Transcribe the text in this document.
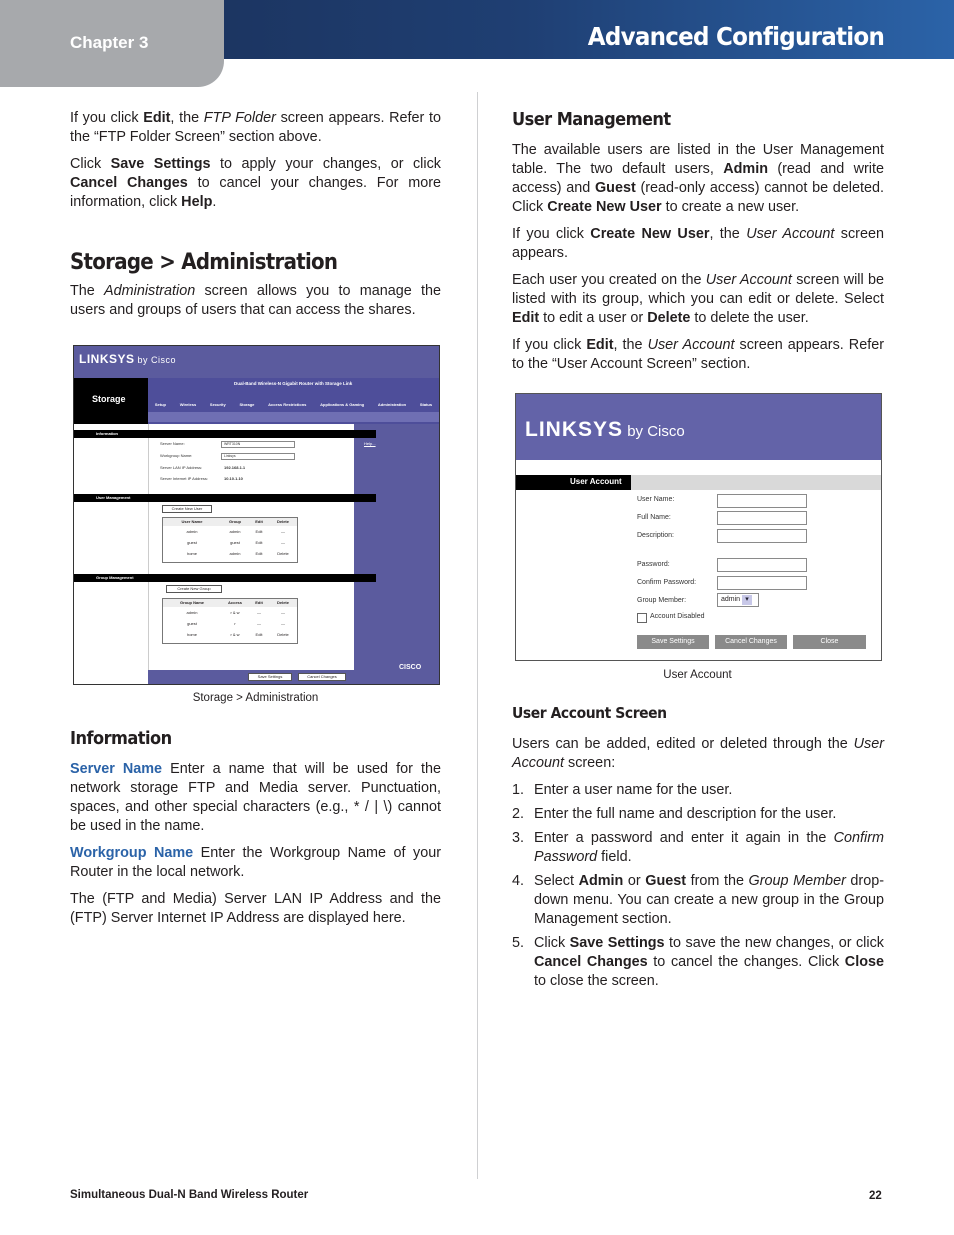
Chapter 3	Advanced Configuration

If you click Edit, the FTP Folder screen appears. Refer to the “FTP Folder Screen” section above.

Click Save Settings to apply your changes, or click Cancel Changes to cancel your changes. For more information, click Help.

Storage > Administration

The Administration screen allows you to manage the users and groups of users that can access the shares.

LINKSYS by Cisco
Storage
Dual-Band Wireless-N Gigabit Router with Storage Link
Setup	Wireless	Security	Storage	Access Restrictions	Applications & Gaming	Administration	Status
Help...
Information
Server Name:	WRT310N
Workgroup Name:	Linksys
Server LAN IP Address:	192.168.1.1
Server Internet IP Address:	10.10.1.10
User Management
Create New User
User Name	Group	Edit	Delete
admin	admin	Edit	—
guest	guest	Edit	—
home	admin	Edit	Delete
Group Management
Create New Group
Group Name	Access	Edit	Delete
admin	r & w	—	—
guest	r	—	—
home	r & w	Edit	Delete
Save Settings	Cancel Changes
CISCO
Storage > Administration
Information

Server Name Enter a name that will be used for the network storage FTP and Media server. Punctuation, spaces, and other special characters (e.g., * / | \) cannot be used in the name.

Workgroup Name Enter the Workgroup Name of your Router in the local network.

The (FTP and Media) Server LAN IP Address and the (FTP) Server Internet IP Address are displayed here.

User Management

The available users are listed in the User Management table. The two default users, Admin (read and write access) and Guest (read-only access) cannot be deleted. Click Create New User to create a new user.

If you click Create New User, the User Account screen appears.

Each user you created on the User Account screen will be listed with its group, which you can edit or delete. Select Edit to edit a user or Delete to delete the user.

If you click Edit, the User Account screen appears. Refer to the “User Account Screen” section.

LINKSYS by Cisco
User Account
User Name:
Full Name:
Description:
Password:
Confirm Password:
Group Member:	admin ▾
Account Disabled
Save Settings	Cancel Changes	Close
User Account
User Account Screen

Users can be added, edited or deleted through the User Account screen:

1. Enter a user name for the user.
2. Enter the full name and description for the user.
3. Enter a password and enter it again in the Confirm Password field.
4. Select Admin or Guest from the Group Member drop-down menu. You can create a new group in the Group Management section.
5. Click Save Settings to save the new changes, or click Cancel Changes to cancel the changes. Click Close to close the screen.
Simultaneous Dual-N Band Wireless Router	22
